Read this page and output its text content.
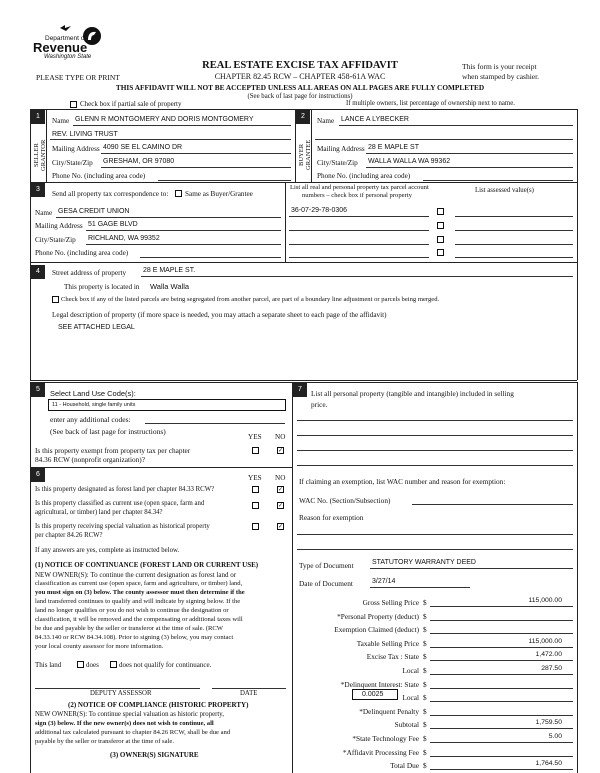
Department of
Revenue
Washington State
REAL ESTATE EXCISE TAX AFFIDAVIT
CHAPTER 82.45 RCW – CHAPTER 458-61A WAC
PLEASE TYPE OR PRINT
This form is your receipt
when stamped by cashier.
THIS AFFIDAVIT WILL NOT BE ACCEPTED UNLESS ALL AREAS ON ALL PAGES ARE FULLY COMPLETED
(See back of last page for instructions)
Check box if partial sale of property	If multiple owners, list percentage of ownership next to name.
1
SELLER GRANTOR
Name GLENN R MONTGOMERY AND DORIS MONTGOMERY
REV. LIVING TRUST
Mailing Address 4090 SE EL CAMINO DR
City/State/Zip GRESHAM, OR 97080
Phone No. (including area code)
2
BUYER GRANTEE
Name LANCE A LYBECKER
Mailing Address 28 E MAPLE ST
City/State/Zip WALLA WALLA WA 99362
Phone No. (including area code)
3
Send all property tax correspondence to: Same as Buyer/Grantee
Name GESA CREDIT UNION
Mailing Address 51 GAGE BLVD
City/State/Zip RICHLAND, WA 99352
Phone No. (including area code)
List all real and personal property tax parcel account
numbers – check box if personal property
List assessed value(s)
36-07-29-78-0306
4	Street address of property 28 E MAPLE ST.
This property is located in Walla Walla
Check box if any of the listed parcels are being segregated from another parcel, are part of a boundary line adjustment or parcels being merged.
Legal description of property (if more space is needed, you may attach a separate sheet to each page of the affidavit)
SEE ATTACHED LEGAL
5	Select Land Use Code(s):
11 - Household, single family units
enter any additional codes:
(See back of last page for instructions)
YES NO
Is this property exempt from property tax per chapter
84.36 RCW (nonprofit organization)?
✓
6	YES NO
Is this property designated as forest land per chapter 84.33 RCW?	✓
Is this property classified as current use (open space, farm and
agricultural, or timber) land per chapter 84.34?
✓
Is this property receiving special valuation as historical property
per chapter 84.26 RCW?
✓
If any answers are yes, complete as instructed below.
(1) NOTICE OF CONTINUANCE (FOREST LAND OR CURRENT USE)
NEW OWNER(S): To continue the current designation as forest land or
classification as current use (open space, farm and agriculture, or timber) land,
you must sign on (3) below. The county assessor must then determine if the
land transferred continues to qualify and will indicate by signing below. If the
land no longer qualifies or you do not wish to continue the designation or
classification, it will be removed and the compensating or additional taxes will
be due and payable by the seller or transferor at the time of sale. (RCW
84.33.140 or RCW 84.34.108). Prior to signing (3) below, you may contact
your local county assessor for more information.
This land	does	does not qualify for continuance.
DEPUTY ASSESSOR	DATE
(2) NOTICE OF COMPLIANCE (HISTORIC PROPERTY)
NEW OWNER(S): To continue special valuation as historic property,
sign (3) below. If the new owner(s) does not wish to continue, all
additional tax calculated pursuant to chapter 84.26 RCW, shall be due and
payable by the seller or transferor at the time of sale.
(3) OWNER(S) SIGNATURE
7	List all personal property (tangible and intangible) included in selling
price.
If claiming an exemption, list WAC number and reason for exemption:
WAC No. (Section/Subsection)
Reason for exemption
Type of Document	STATUTORY WARRANTY DEED
Date of Document	3/27/14
Gross Selling Price $	115,000.00
*Personal Property (deduct) $
Exemption Claimed (deduct) $
Taxable Selling Price $	115,000.00
Excise Tax : State $	1,472.00
Local $	287.50
*Delinquent Interest: State $
Local $
*Delinquent Penalty $
Subtotal $	1,759.50
*State Technology Fee $	5.00
*Affidavit Processing Fee $
Total Due $	1,764.50
0.0025
